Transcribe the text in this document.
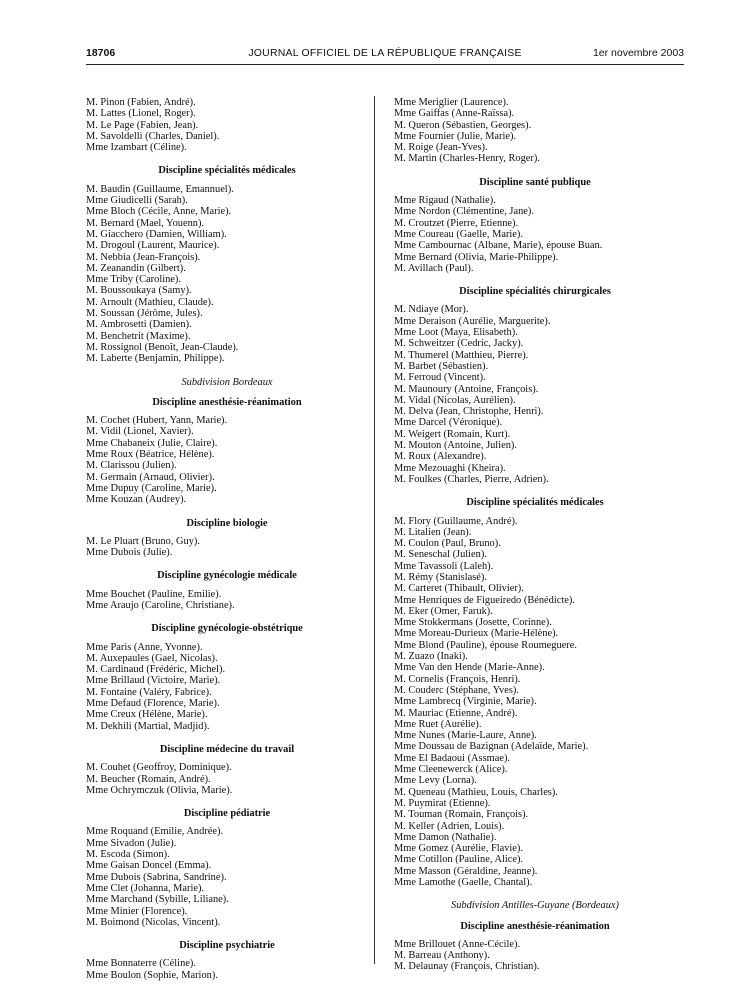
18706	JOURNAL OFFICIEL DE LA RÉPUBLIQUE FRANÇAISE	1er novembre 2003
M. Pinon (Fabien, André).
M. Lattes (Lionel, Roger).
M. Le Page (Fabien, Jean).
M. Savoldelli (Charles, Daniel).
Mme Izambart (Céline).
Discipline spécialités médicales
M. Baudin (Guillaume, Emannuel).
Mme Giudicelli (Sarah).
Mme Bloch (Cécile, Anne, Marie).
M. Bernard (Mael, Youenn).
M. Giacchero (Damien, William).
M. Drogoul (Laurent, Maurice).
M. Nebbia (Jean-François).
M. Zeanandin (Gilbert).
Mme Triby (Caroline).
M. Boussoukaya (Samy).
M. Arnoult (Mathieu, Claude).
M. Soussan (Jérôme, Jules).
M. Ambrosetti (Damien).
M. Benchetrit (Maxime).
M. Rossignol (Benoît, Jean-Claude).
M. Laberte (Benjamin, Philippe).
Subdivision Bordeaux
Discipline anesthésie-réanimation
M. Cochet (Hubert, Yann, Marie).
M. Vidil (Lionel, Xavier).
Mme Chabaneix (Julie, Claire).
Mme Roux (Béatrice, Hélène).
M. Clarissou (Julien).
M. Germain (Arnaud, Olivier).
Mme Dupuy (Caroline, Marie).
Mme Kouzan (Audrey).
Discipline biologie
M. Le Pluart (Bruno, Guy).
Mme Dubois (Julie).
Discipline gynécologie médicale
Mme Bouchet (Pauline, Emilie).
Mme Araujo (Caroline, Christiane).
Discipline gynécologie-obstétrique
Mme Paris (Anne, Yvonne).
M. Auxepaules (Gael, Nicolas).
M. Cardinaud (Frédéric, Michel).
Mme Brillaud (Victoire, Marie).
M. Fontaine (Valéry, Fabrice).
Mme Defaud (Florence, Marie).
Mme Creux (Hélène, Marie).
M. Dekhili (Martial, Madjid).
Discipline médecine du travail
M. Couhet (Geoffroy, Dominique).
M. Beucher (Romain, André).
Mme Ochrymczuk (Olivia, Marie).
Discipline pédiatrie
Mme Roquand (Emilie, Andrée).
Mme Sivadon (Julie).
M. Escoda (Simon).
Mme Gaisan Doncel (Emma).
Mme Dubois (Sabrina, Sandrine).
Mme Clet (Johanna, Marie).
Mme Marchand (Sybille, Liliane).
Mme Minier (Florence).
M. Boimond (Nicolas, Vincent).
Discipline psychiatrie
Mme Bonnaterre (Céline).
Mme Boulon (Sophie, Marion).
Mme Meriglier (Laurence).
Mme Gaiffas (Anne-Raïssa).
M. Queron (Sébastien, Georges).
Mme Fournier (Julie, Marie).
M. Roige (Jean-Yves).
M. Martin (Charles-Henry, Roger).
Discipline santé publique
Mme Rigaud (Nathalie).
Mme Nordon (Clémentine, Jane).
M. Croutzet (Pierre, Etienne).
Mme Coureau (Gaelle, Marie).
Mme Cambournac (Albane, Marie), épouse Buan.
Mme Bernard (Olivia, Marie-Philippe).
M. Avillach (Paul).
Discipline spécialités chirurgicales
M. Ndiaye (Mor).
Mme Deraison (Aurélie, Marguerite).
Mme Loot (Maya, Elisabeth).
M. Schweitzer (Cedric, Jacky).
M. Thumerel (Matthieu, Pierre).
M. Barbet (Sébastien).
M. Ferroud (Vincent).
M. Maunoury (Antoine, François).
M. Vidal (Nicolas, Aurélien).
M. Delva (Jean, Christophe, Henri).
Mme Darcel (Véronique).
M. Weigert (Romain, Kurt).
M. Mouton (Antoine, Julien).
M. Roux (Alexandre).
Mme Mezouaghi (Kheira).
M. Foulkes (Charles, Pierre, Adrien).
Discipline spécialités médicales
M. Flory (Guillaume, André).
M. Litalien (Jean).
M. Coulon (Paul, Bruno).
M. Seneschal (Julien).
Mme Tavassoli (Laleh).
M. Rémy (Stanislasé).
M. Carteret (Thibault, Olivier).
Mme Henriques de Figueiredo (Bénédicte).
M. Eker (Omer, Faruk).
Mme Stokkermans (Josette, Corinne).
Mme Moreau-Durieux (Marie-Hélène).
Mme Blond (Pauline), épouse Roumeguere.
M. Zuazo (Inaki).
Mme Van den Hende (Marie-Anne).
M. Cornelis (François, Henri).
M. Couderc (Stéphane, Yves).
Mme Lambrecq (Virginie, Marie).
M. Mauriac (Etienne, André).
Mme Ruet (Aurélie).
Mme Nunes (Marie-Laure, Anne).
Mme Doussau de Bazignan (Adelaïde, Marie).
Mme El Badaoui (Assmae).
Mme Cleenewerck (Alice).
Mme Levy (Lorna).
M. Queneau (Mathieu, Louis, Charles).
M. Puymirat (Etienne).
M. Touman (Romain, François).
M. Keller (Adrien, Louis).
Mme Damon (Nathalie).
Mme Gomez (Aurélie, Flavie).
Mme Cotillon (Pauline, Alice).
Mme Masson (Géraldine, Jeanne).
Mme Lamothe (Gaelle, Chantal).
Subdivision Antilles-Guyane (Bordeaux)
Discipline anesthésie-réanimation
Mme Brillouet (Anne-Cécile).
M. Barreau (Anthony).
M. Delaunay (François, Christian).
